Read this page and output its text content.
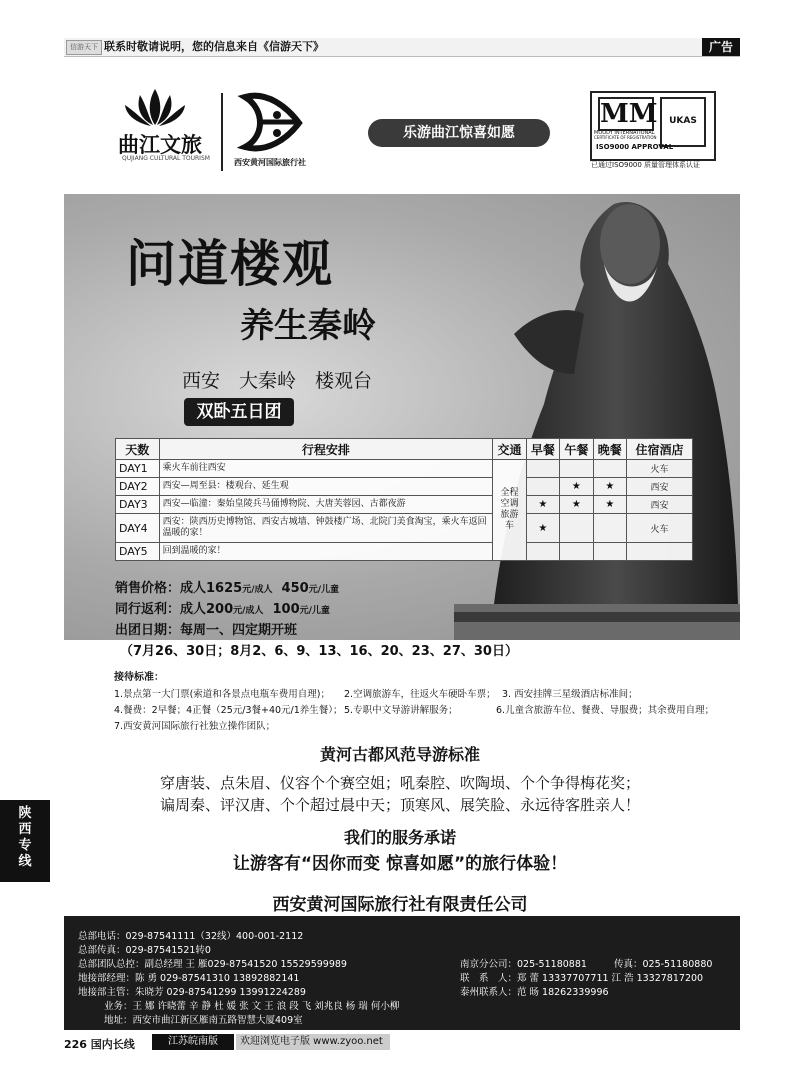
信游天下 联系时敬请说明，您的信息来自《信游天下》	广告
曲江文旅
QUJIANG CULTURAL TOURISM	西安黄河国际旅行社
乐游曲江惊喜如愿
MM	UKAS
MOODY INTERNATIONAL
CERTIFICATE OF REGISTRATION
ISO9000 APPROVAL
已通过ISO9000 质量管理体系认证
问道楼观
养生秦岭
西安　大秦岭　楼观台
双卧五日团
天数	行程安排	交通	早餐	午餐	晚餐	住宿酒店
DAY1	乘火车前往西安	全程空调旅游车				火车
DAY2	西安—周至县：楼观台、延生观			★	★	西安
DAY3	西安—临潼：秦始皇陵兵马俑博物院、大唐芙蓉园、古都夜游		★	★	★	西安
DAY4	西安：陕西历史博物馆、西安古城墙、钟鼓楼广场、北院门美食淘宝，乘火车返回温暖的家！		★			火车
DAY5	回到温暖的家！					
销售价格：成人1625元/成人 450元/儿童
同行返利：成人200元/成人 100元/儿童
出团日期：每周一、四定期开班
（7月26、30日；8月2、6、9、13、16、20、23、27、30日）
接待标准：
1.景点第一大门票(索道和各景点电瓶车费用自理)； 2.空调旅游车，往返火车硬卧车票； 3. 西安挂牌三星级酒店标准间；
4.餐费：2早餐；4正餐（25元/3餐+40元/1养生餐）； 5.专职中文导游讲解服务；	6.儿童含旅游车位、餐费、导服费；其余费用自理；
7.西安黄河国际旅行社独立操作团队；
黄河古都风范导游标准
穿唐装、点朱眉、仪容个个赛空姐；吼秦腔、吹陶埙、个个争得梅花奖；
谝周秦、评汉唐、个个超过晨中天；顶寒风、展笑脸、永远待客胜亲人！
我们的服务承诺
让游客有“因你而变 惊喜如愿”的旅行体验！
西安黄河国际旅行社有限责任公司
陕西专线
总部电话：029-87541111（32线）400-001-2112
总部传真：029-87541521转0
总部团队总控：副总经理 王 雁029-87541520 15529599989
地接部经理：陈 勇 029-87541310 13892882141
地接部主管：朱晓芳 029-87541299 13991224289
业务：王 娜 许晓蕾 辛 静 杜 媛 张 文 王 浪 段 飞 刘兆良 杨 瑞 何小柳
地址：西安市曲江新区雁南五路智慧大厦409室
南京分公司：025-51180881	传真：025-51180880
联　系　人：郑 蕾 13337707711 江 浩 13327817200
泰州联系人：范 旸 18262339996
226 国内长线	江苏皖南版	欢迎浏览电子版 www.zyoo.net
